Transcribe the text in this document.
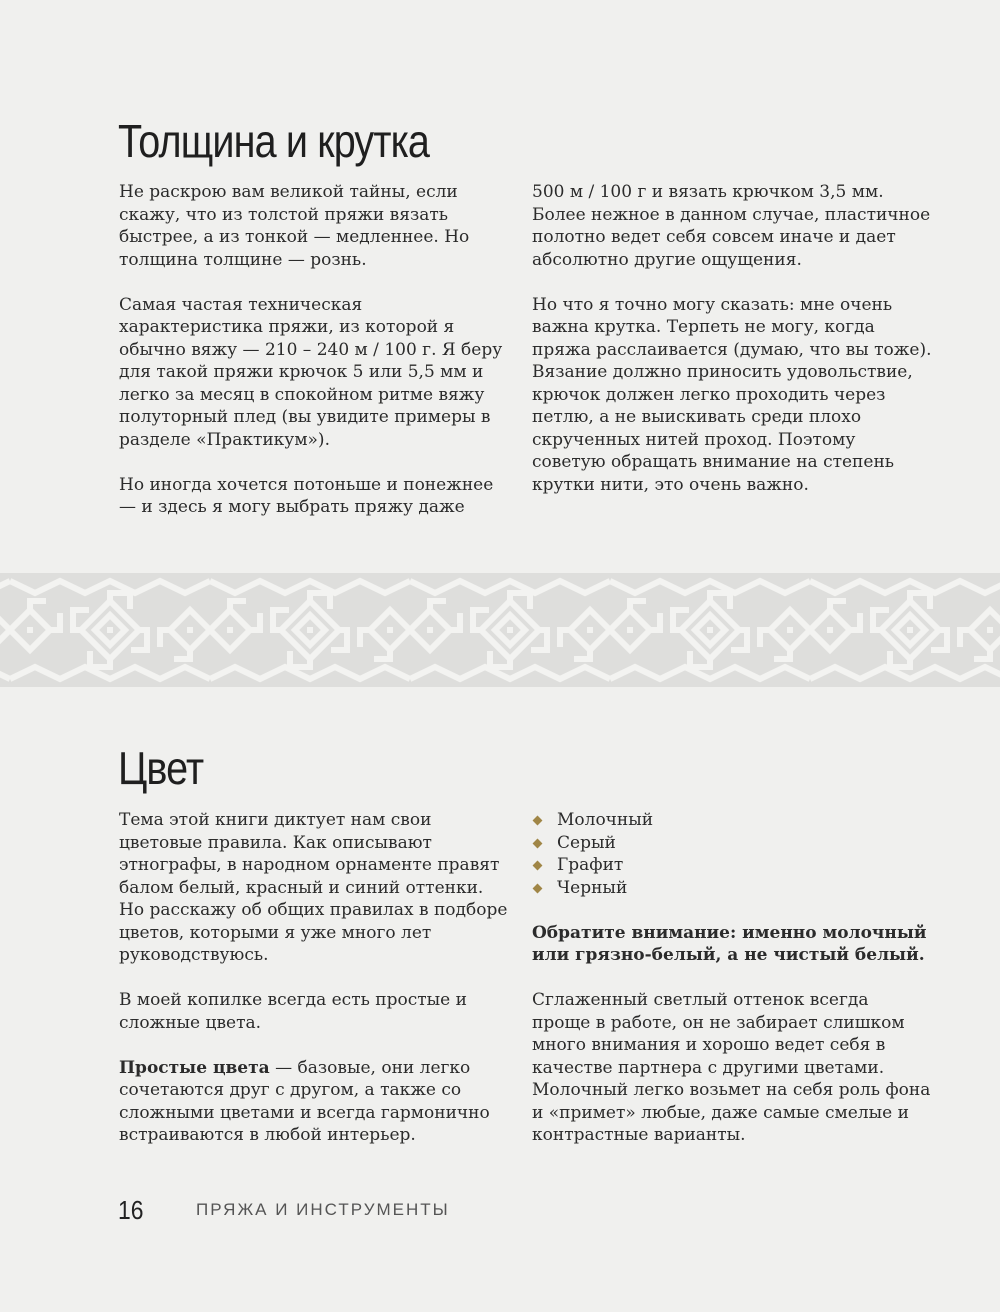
Толщина и крутка

Не раскрою вам великой тайны, если скажу, что из толстой пряжи вязать быстрее, а из тонкой — медленнее. Но толщина толщине — рознь.

Самая частая техническая характеристика пряжи, из которой я обычно вяжу — 210 – 240 м / 100 г. Я беру для такой пряжи крючок 5 или 5,5 мм и легко за месяц в спокойном ритме вяжу полуторный плед (вы увидите примеры в разделе «Практикум»).

Но иногда хочется потоньше и понежнее — и здесь я могу выбрать пряжу даже

500 м / 100 г и вязать крючком 3,5 мм. Более нежное в данном случае, пластичное полотно ведет себя совсем иначе и дает абсолютно другие ощущения.

Но что я точно могу сказать: мне очень важна крутка. Терпеть не могу, когда пряжа расслаивается (думаю, что вы тоже). Вязание должно приносить удовольствие, крючок должен легко проходить через петлю, а не выискивать среди плохо скрученных нитей проход. Поэтому советую обращать внимание на степень крутки нити, это очень важно.

Цвет

Тема этой книги диктует нам свои цветовые правила. Как описывают этнографы, в народном орнаменте правят балом белый, красный и синий оттенки. Но расскажу об общих правилах в подборе цветов, которыми я уже много лет руководствуюсь.

В моей копилке всегда есть простые и сложные цвета.

Простые цвета — базовые, они легко сочетаются друг с другом, а также со сложными цветами и всегда гармонично встраиваются в любой интерьер.

Молочный
Серый
Графит
Черный

Обратите внимание: именно молочный или грязно-белый, а не чистый белый.

Сглаженный светлый оттенок всегда проще в работе, он не забирает слишком много внимания и хорошо ведет себя в качестве партнера с другими цветами. Молочный легко возьмет на себя роль фона и «примет» любые, даже самые смелые и контрастные варианты.

16	ПРЯЖА И ИНСТРУМЕНТЫ
